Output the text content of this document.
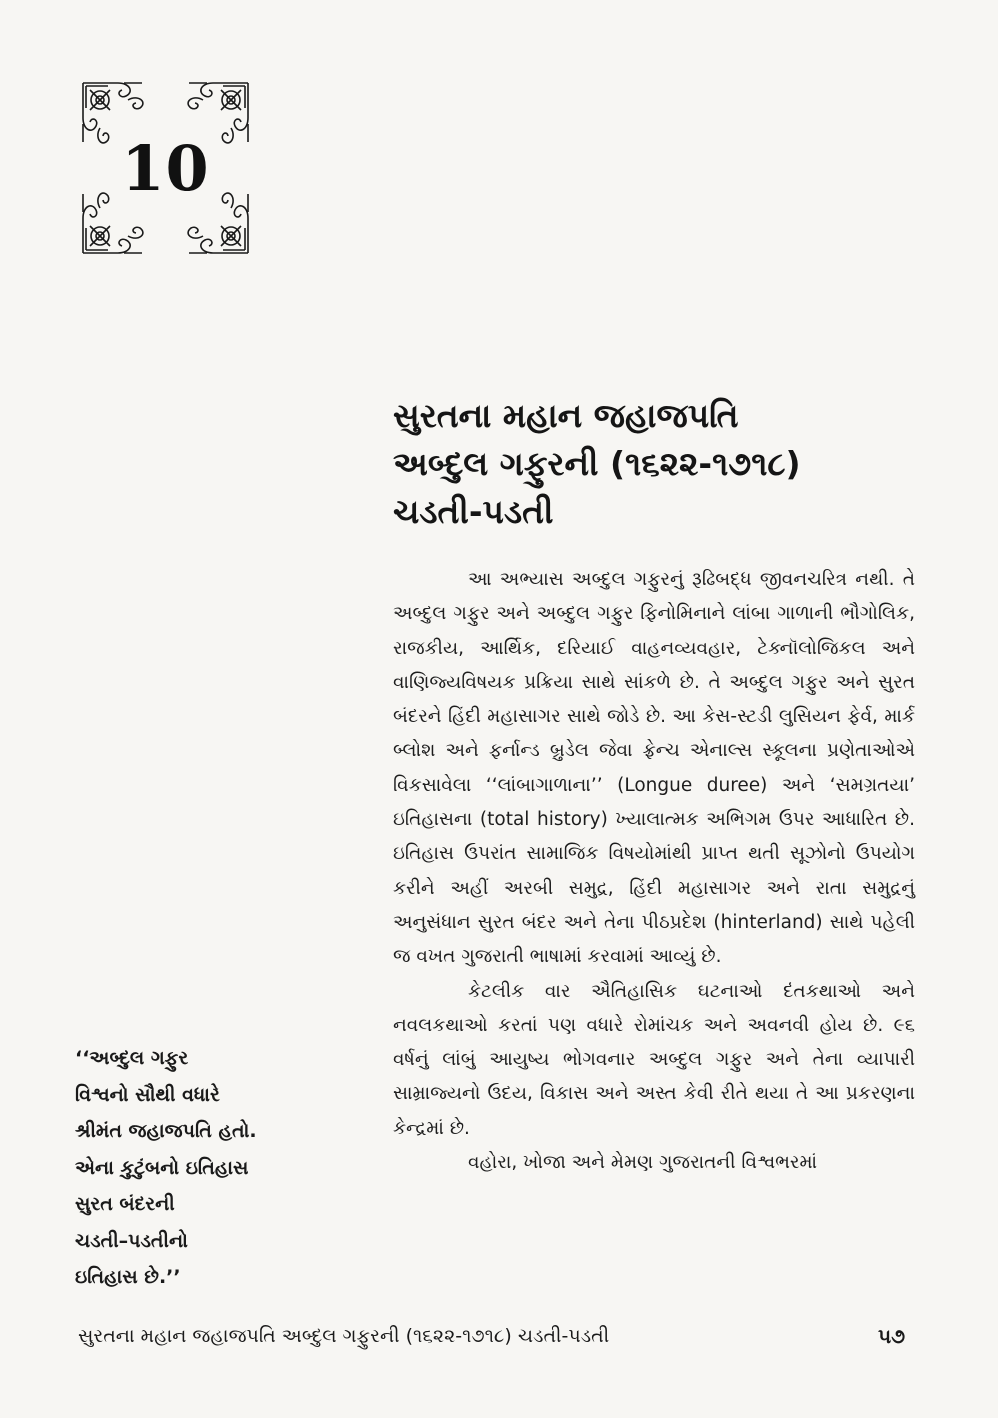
10
સુરતના મહાન જહાજપતિ
અબ્દુલ ગફુરની (૧૬૨૨-૧૭૧૮)
ચડતી-પડતી

આ અભ્યાસ અબ્દુલ ગફુરનું રૂઢિબદ્ધ જીવનચરિત્ર નથી. તે અબ્દુલ ગફુર અને અબ્દુલ ગફુર ફિનોમિનાને લાંબા ગાળાની ભૌગોલિક, રાજકીય, આર્થિક, દરિયાઈ વાહનવ્યવહાર, ટેક્નૉલોજિકલ અને વાણિજ્યવિષયક પ્રક્રિયા સાથે સાંકળે છે. તે અબ્દુલ ગફુર અને સુરત બંદરને હિંદી મહાસાગર સાથે જોડે છે. આ કેસ-સ્ટડી લુસિયન ફેર્વ, માર્ક બ્લોશ અને ફર્નાન્ડ બ્રુડેલ જેવા ફ્રેન્ચ એનાલ્સ સ્કૂલના પ્રણેતાઓએ વિકસાવેલા ‘‘લાંબાગાળાના’’ (Longue duree) અને ‘સમગ્રતયા’ ઇતિહાસના (total history) ખ્યાલાત્મક અભિગમ ઉપર આધારિત છે. ઇતિહાસ ઉપરાંત સામાજિક વિષયોમાંથી પ્રાપ્ત થતી સૂઝોનો ઉપયોગ કરીને અહીં અરબી સમુદ્ર, હિંદી મહાસાગર અને રાતા સમુદ્રનું અનુસંધાન સુરત બંદર અને તેના પીઠપ્રદેશ (hinterland) સાથે પહેલી જ વખત ગુજરાતી ભાષામાં કરવામાં આવ્યું છે.

કેટલીક વાર ઐતિહાસિક ઘટનાઓ દંતકથાઓ અને નવલકથાઓ કરતાં પણ વધારે રોમાંચક અને અવનવી હોય છે. ૯૬ વર્ષનું લાંબું આયુષ્ય ભોગવનાર અબ્દુલ ગફુર અને તેના વ્યાપારી સામ્રાજ્યનો ઉદય, વિકાસ અને અસ્ત કેવી રીતે થયા તે આ પ્રકરણના કેન્દ્રમાં છે.

વહોરા, ખોજા અને મેમણ ગુજરાતની વિશ્વભરમાં

‘‘અબ્દુલ ગફુર
વિશ્વનો સૌથી વધારે
શ્રીમંત જહાજપતિ હતો.
એના કુટુંબનો ઇતિહાસ
સુરત બંદરની
ચડતી–પડતીનો
ઇતિહાસ છે.’’
સુરતના મહાન જહાજપતિ અબ્દુલ ગફુરની (૧૬૨૨-૧૭૧૮) ચડતી-પડતી	૫૭
